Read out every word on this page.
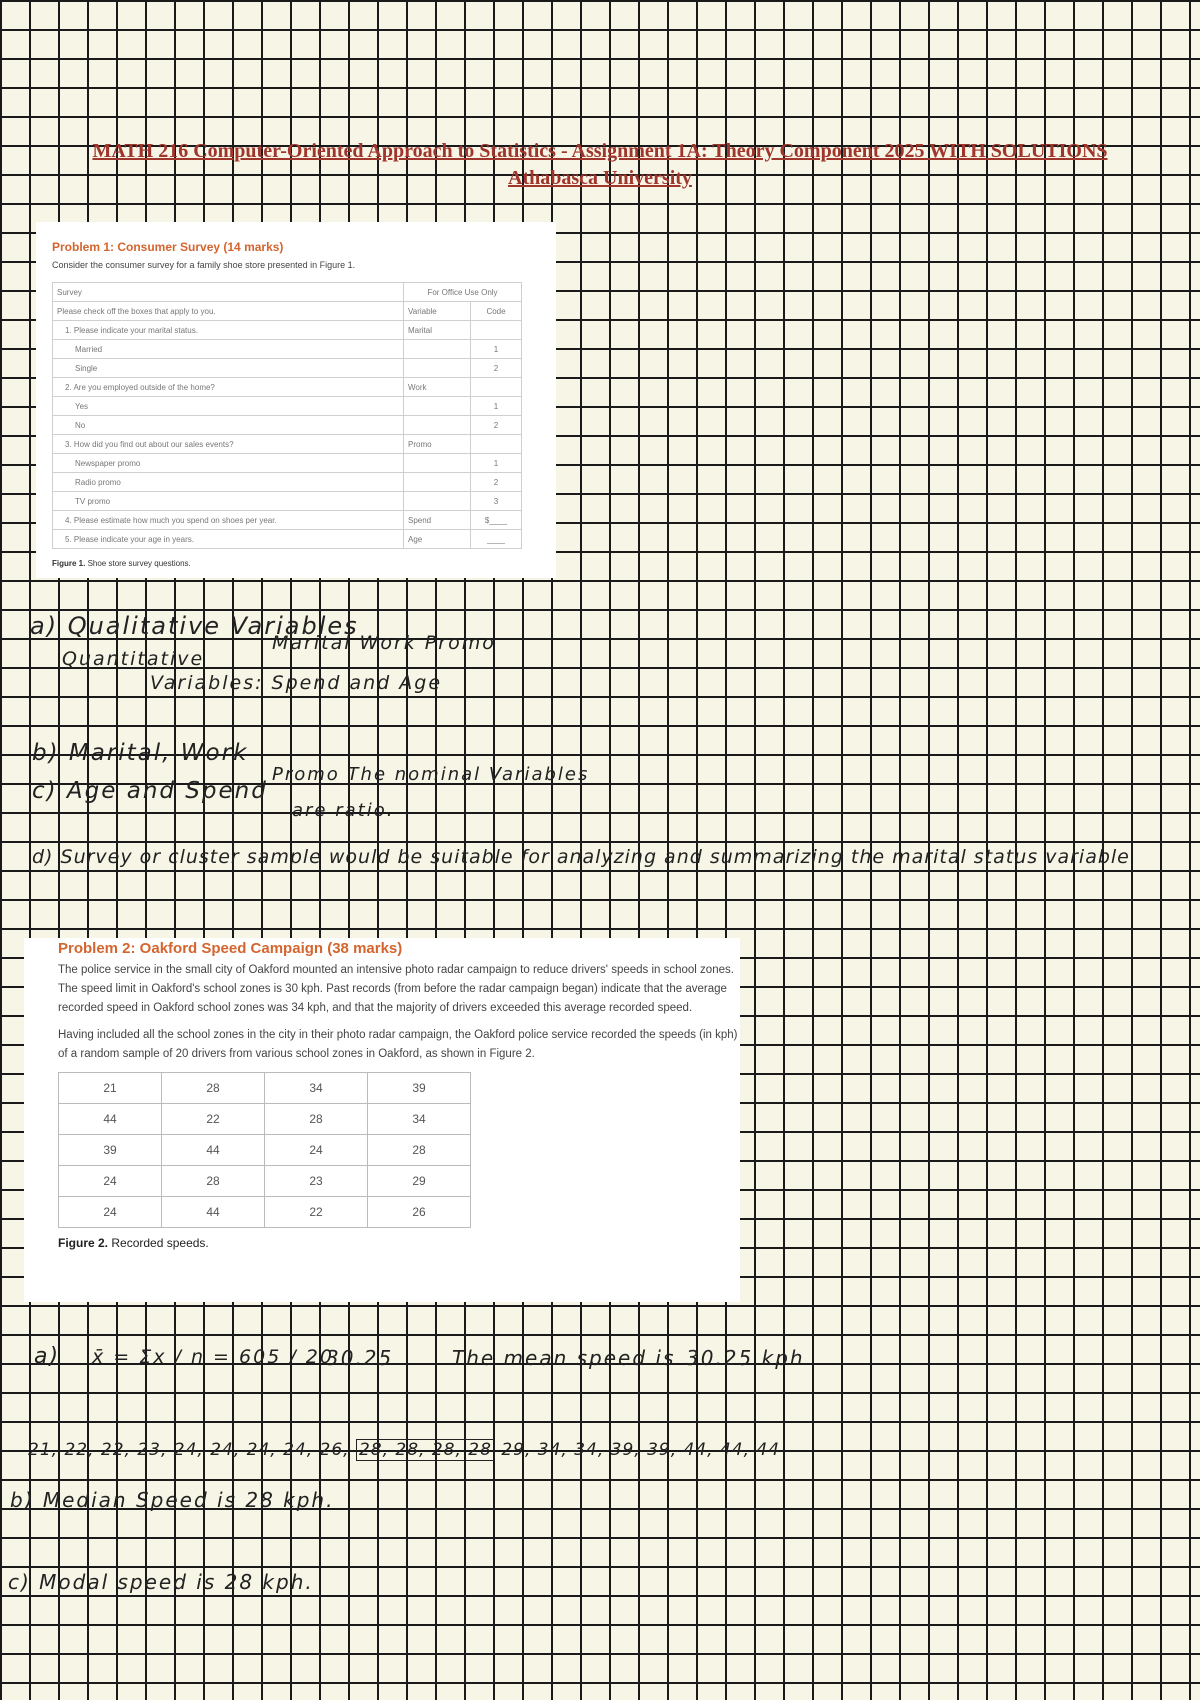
MATH 216 Computer-Oriented Approach to Statistics - Assignment 1A: Theory Component 2025 WITH SOLUTIONS
Athabasca University
Problem 1: Consumer Survey (14 marks)
Consider the consumer survey for a family shoe store presented in Figure 1.
Survey	For Office Use Only	
Please check off the boxes that apply to you.	Variable	Code
1. Please indicate your marital status.	Marital	
Married		1
Single		2
2. Are you employed outside of the home?	Work	
Yes		1
No		2
3. How did you find out about our sales events?	Promo	
Newspaper promo		1
Radio promo		2
TV promo		3
4. Please estimate how much you spend on shoes per year.	Spend	$____
5. Please indicate your age in years.	Age	____
Figure 1. Shoe store survey questions.
a) Qualitative Variables
Marital Work Promo
Quantitative
Variables: Spend and Age
b) Marital, Work
c) Age and Spend
Promo The nominal Variables
are ratio.
d) Survey or cluster sample would be suitable for analyzing and summarizing the marital status variable
Problem 2: Oakford Speed Campaign (38 marks)
The police service in the small city of Oakford mounted an intensive photo radar campaign to reduce drivers' speeds in school zones. The speed limit in Oakford's school zones is 30 kph. Past records (from before the radar campaign began) indicate that the average recorded speed in Oakford school zones was 34 kph, and that the majority of drivers exceeded this average recorded speed.
Having included all the school zones in the city in their photo radar campaign, the Oakford police service recorded the speeds (in kph) of a random sample of 20 drivers from various school zones in Oakford, as shown in Figure 2.
21	28	34	39
44	22	28	34
39	44	24	28
24	28	23	29
24	44	22	26
Figure 2. Recorded speeds.
a) x̄ = Σx / n = 605 / 20
30.25	The mean speed is 30.25 kph
21, 22, 22, 23, 24, 24, 24, 24, 26, 28, 28, 28, 28 29, 34, 34, 39, 39, 44, 44, 44
b) Median Speed is 28 kph.
c) Modal speed is 28 kph.
